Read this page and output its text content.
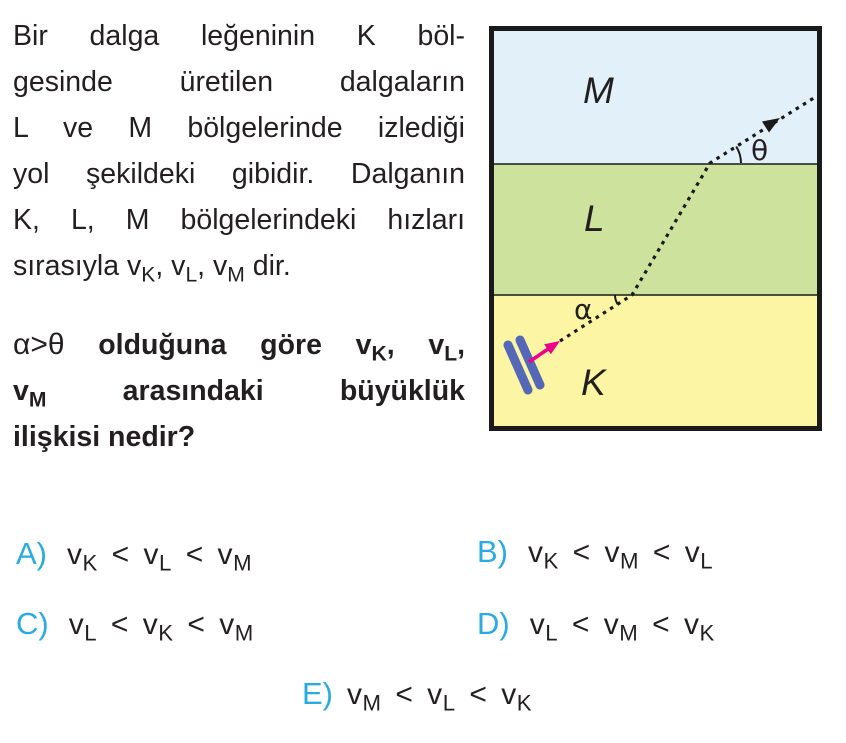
Bir dalga leğeninin K böl-
gesinde üretilen dalgaların
L ve M bölgelerinde izlediği
yol şekildeki gibidir. Dalganın
K, L, M bölgelerindeki hızları
sırasıyla $v_K$, $v_L$, $v_M$ dir.
α>θ olduğuna göre $v_K$, $v_L$,
$v_M$ arasındaki büyüklük
ilişkisi nedir?
M
L
K
α
θ
A) $v_K < v_L < v_M$	B) $v_K < v_M < v_L$
C) $v_L < v_K < v_M$	D) $v_L < v_M < v_K$
E) $v_M < v_L < v_K$
